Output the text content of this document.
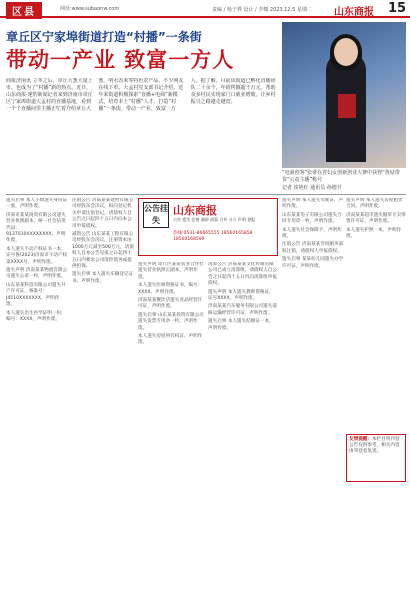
区县	网址:www.subaonw.com	责编 / 杨子骅 设计 / 李娜 2023.12.5 星期二 山东商报 15
章丘区宁家埠街道打造“村播”一条街
带动一产业 致富一方人
“电商创客”张蒂在省妇女创新创业大赛中获得“鲁姑带货”公益主播”称号
商报济南讯 立冬之后，章丘大葱大量上市，也成为了“村播”新的热点。近日，山东商报·速豹新闻记者来到济南市章丘区宁家埠街道大孟村的直播基地，看到一个个直播间里主播正忙着介绍章丘大葱、明水香米等特色农产品，不少网友在线下单。大孟村党支部书记介绍，近年来街道积极探索“直播+电商”新模式，培育本土“村播”人才，打造“村播”一条街，带动一产业、致富一方人。据了解，目前该街道已孵化直播团队二十余个，年销售额超千万元，帮助众多村民实现家门口就业增收，让乡村振兴之路越走越宽。
记者 崔艳红 通讯员 孙德升

遗失启事 本人不慎遗失身份证一张，声明作废。

济南市某某商贸有限公司遗失营业执照副本，统一社会信用代码：9137010XXXXXXXX，声明作废。

本人遗失不动产权证书一本，证号鲁(2023)济南市不动产权第XXXX号，声明作废。

遗失声明 济南某某物流有限公司遗失公章一枚，声明作废。

山东某某科技有限公司遗失开户许可证，核准号：J4510XXXXXXX，声明作废。

本人遗失出生医学证明一份，编号：XXXX，声明作废。

注销公告 济南某某建材有限公司经股东会决议，拟向登记机关申请注销登记，请债权人自公告之日起四十五日内向本公司申报债权。

减资公告 山东某某工程有限公司经股东会决议，注册资本由1000万元减至500万元，请债权人自本公告见报之日起四十五日内要求公司清偿债务或提供担保。

遗失启事 本人遗失车辆登记证书，声明作废。

公告挂失
山东商报
公告 遗失 注销 减资 清算 合并 分立 声明 登报
热线:0531-86665555 18560165858 18560168599

遗失声明 章丘区某某农业合作社遗失营业执照正副本，声明作废。

本人遗失医师资格证书，编号：XXXX，声明作废。

济南某某餐饮店遗失食品经营许可证，声明作废。

遗失启事 山东某某投资有限公司遗失发票专用章一枚，声明作废。

本人遗失房屋所有权证，声明作废。

清算公告 济南某某文化传媒有限公司已成立清算组，请债权人自公告之日起四十五日内向清算组申报债权。

遗失声明 本人遗失教师资格证，证号XXXX，声明作废。

济南某某汽车服务有限公司遗失道路运输经营许可证，声明作废。

遗失启事 本人遗失结婚证一本，声明作废。

遗失声明 本人遗失驾驶证，声明作废。

山东某某电子有限公司遗失合同专用章一枚，声明作废。

本人遗失社会保障卡，声明作废。

注销公告 济南某某咨询服务部拟注销，请债权人申报债权。

遗失启事 某某幼儿园遗失办学许可证，声明作废。

遗失声明 本人遗失房屋租赁合同，声明作废。

济南某某超市遗失烟草专卖零售许可证，声明作废。

本人遗失护照一本，声明作废。

友情提醒：本栏目所刊登公告仅供参考，相关内容由刊登者负责。
